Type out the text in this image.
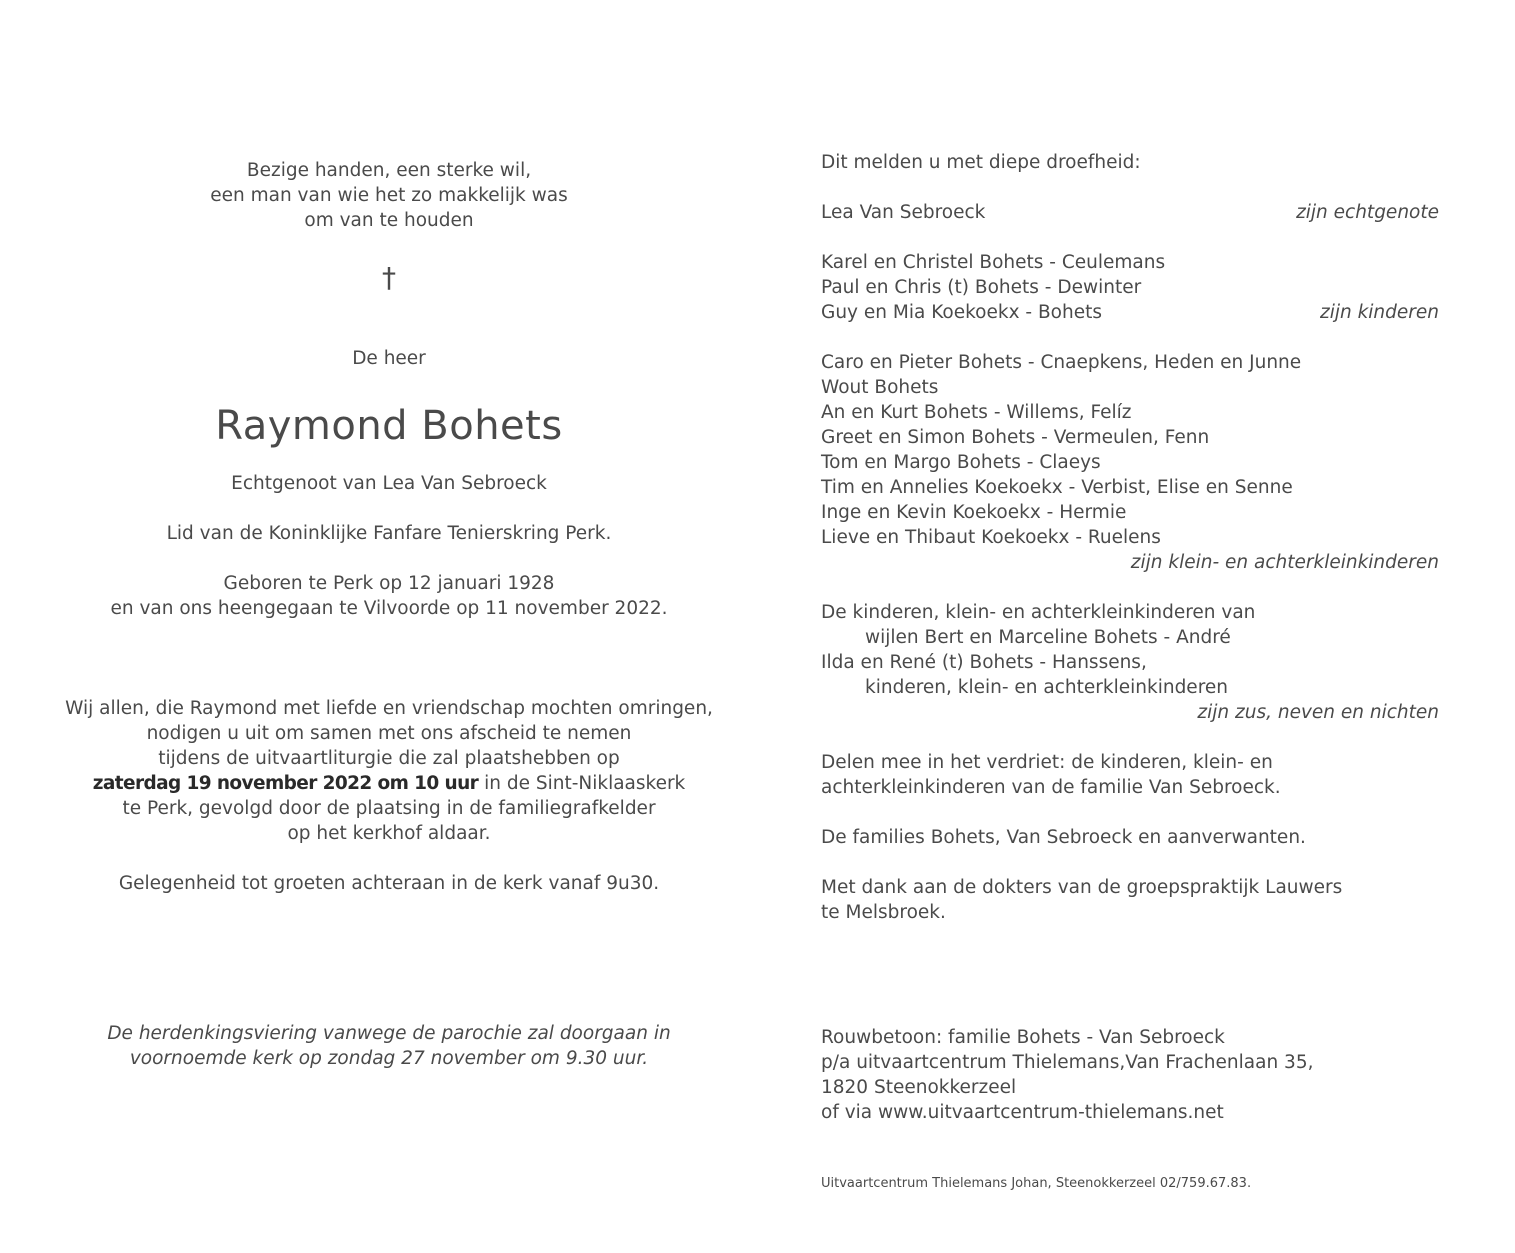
Bezige handen, een sterke wil,
een man van wie het zo makkelijk was
om van te houden
†
De heer
Raymond Bohets
Echtgenoot van Lea Van Sebroeck
Lid van de Koninklijke Fanfare Tenierskring Perk.
Geboren te Perk op 12 januari 1928
en van ons heengegaan te Vilvoorde op 11 november 2022.
Wij allen, die Raymond met liefde en vriendschap mochten omringen,
nodigen u uit om samen met ons afscheid te nemen
tijdens de uitvaartliturgie die zal plaatshebben op
zaterdag 19 november 2022 om 10 uur in de Sint-Niklaaskerk
te Perk, gevolgd door de plaatsing in de familiegrafkelder
op het kerkhof aldaar.
Gelegenheid tot groeten achteraan in de kerk vanaf 9u30.
De herdenkingsviering vanwege de parochie zal doorgaan in
voornoemde kerk op zondag 27 november om 9.30 uur.
Dit melden u met diepe droefheid:
Lea Van Sebroeck	zijn echtgenote
Karel en Christel Bohets - Ceulemans
Paul en Chris (t) Bohets - Dewinter
Guy en Mia Koekoekx - Bohets	zijn kinderen
Caro en Pieter Bohets - Cnaepkens, Heden en Junne
Wout Bohets
An en Kurt Bohets - Willems, Felíz
Greet en Simon Bohets - Vermeulen, Fenn
Tom en Margo Bohets - Claeys
Tim en Annelies Koekoekx - Verbist, Elise en Senne
Inge en Kevin Koekoekx - Hermie
Lieve en Thibaut Koekoekx - Ruelens
zijn klein- en achterkleinkinderen
De kinderen, klein- en achterkleinkinderen van
wijlen Bert en Marceline Bohets - André
Ilda en René (t) Bohets - Hanssens,
kinderen, klein- en achterkleinkinderen
zijn zus, neven en nichten
Delen mee in het verdriet: de kinderen, klein- en
achterkleinkinderen van de familie Van Sebroeck.
De families Bohets, Van Sebroeck en aanverwanten.
Met dank aan de dokters van de groepspraktijk Lauwers
te Melsbroek.
Rouwbetoon: familie Bohets - Van Sebroeck
p/a uitvaartcentrum Thielemans,Van Frachenlaan 35,
1820 Steenokkerzeel
of via www.uitvaartcentrum-thielemans.net
Uitvaartcentrum Thielemans Johan, Steenokkerzeel 02/759.67.83.
